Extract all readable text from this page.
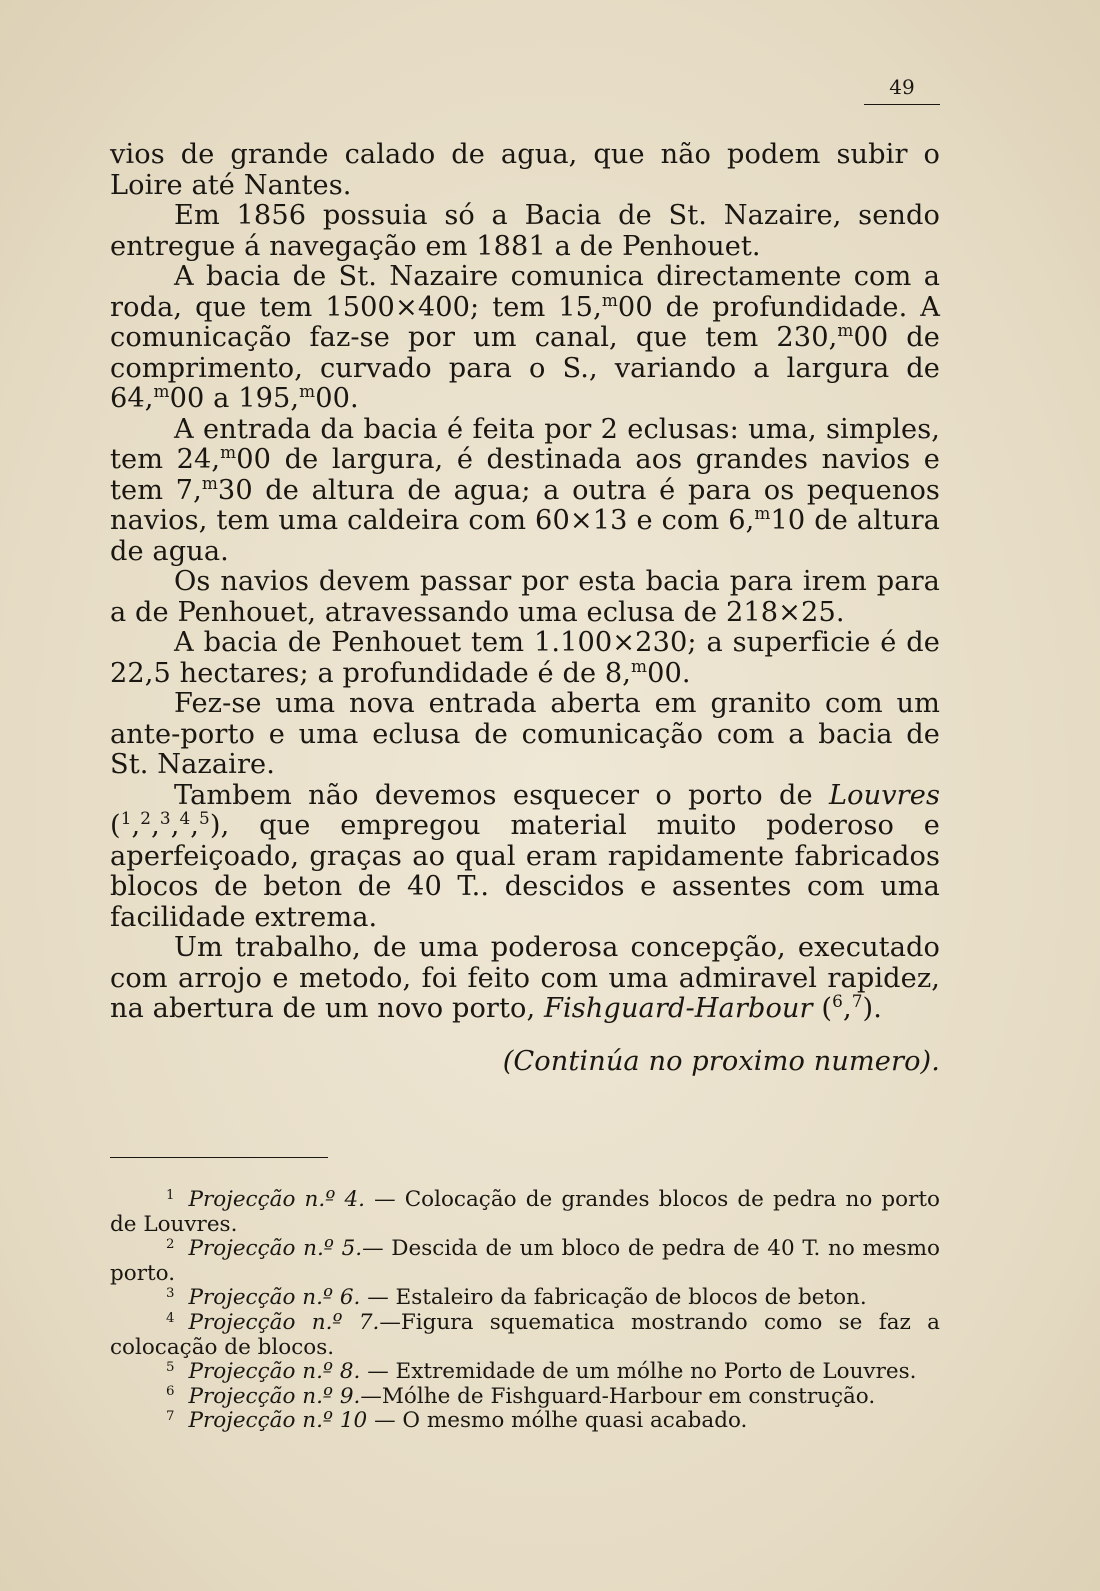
49

vios de grande calado de agua, que não podem subir o Loire até Nantes.

Em 1856 possuia só a Bacia de St. Nazaire, sendo entregue á navegação em 1881 a de Penhouet.

A bacia de St. Nazaire comunica directamente com a roda, que tem 1500×400; tem 15,$^m$00 de profundidade. A comunicação faz-se por um canal, que tem 230,$^m$00 de comprimento, curvado para o S., variando a largura de 64,$^m$00 a 195,$^m$00.

A entrada da bacia é feita por 2 eclusas: uma, simples, tem 24,$^m$00 de largura, é destinada aos grandes navios e tem 7,$^m$30 de altura de agua; a outra é para os pequenos navios, tem uma caldeira com 60×13 e com 6,$^m$10 de altura de agua.

Os navios devem passar por esta bacia para irem para a de Penhouet, atravessando uma eclusa de 218×25.

A bacia de Penhouet tem 1.100×230; a superficie é de 22,5 hectares; a profundidade é de 8,$^m$00.

Fez-se uma nova entrada aberta em granito com um ante-porto e uma eclusa de comunicação com a bacia de St. Nazaire.

Tambem não devemos esquecer o porto de Louvres ($^1$,$^2$,$^3$,$^4$,$^5$), que empregou material muito poderoso e aperfeiçoado, graças ao qual eram rapidamente fabricados blocos de beton de 40 T.. descidos e assentes com uma facilidade extrema.

Um trabalho, de uma poderosa concepção, executado com arrojo e metodo, foi feito com uma admiravel rapidez, na abertura de um novo porto, Fishguard-Harbour ($^6$,$^7$).

(Continúa no proximo numero).

$^1$ Projecção n.º 4. — Colocação de grandes blocos de pedra no porto de Louvres.

$^2$ Projecção n.º 5.— Descida de um bloco de pedra de 40 T. no mesmo porto.

$^3$ Projecção n.º 6. — Estaleiro da fabricação de blocos de beton.

$^4$ Projecção n.º 7.—Figura squematica mostrando como se faz a colocação de blocos.

$^5$ Projecção n.º 8. — Extremidade de um mólhe no Porto de Louvres.

$^6$ Projecção n.º 9.—Mólhe de Fishguard-Harbour em construção.

$^7$ Projecção n.º 10 — O mesmo mólhe quasi acabado.
